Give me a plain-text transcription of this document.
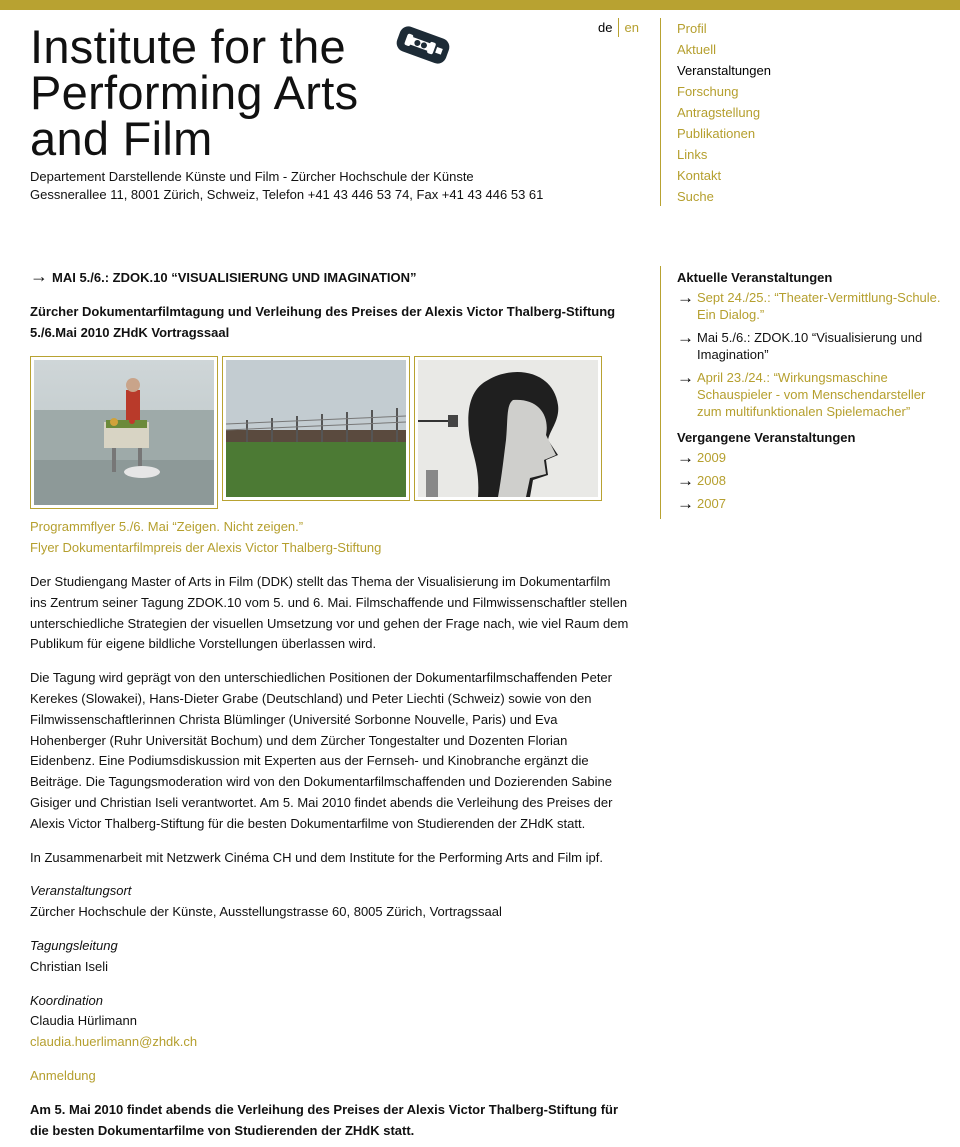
Institute for the
Performing Arts
and Film
Departement Darstellende Künste und Film - Zürcher Hochschule der Künste
Gessnerallee 11, 8001 Zürich, Schweiz, Telefon +41 43 446 53 74, Fax +41 43 446 53 61
de en	Profil
Aktuell
Veranstaltungen
Forschung
Antragstellung
Publikationen
Links
Kontakt
Suche
→ MAI 5./6.: ZDOK.10 “VISUALISIERUNG UND IMAGINATION”

Zürcher Dokumentarfilmtagung und Verleihung des Preises der Alexis Victor Thalberg-Stiftung
5./6.Mai 2010 ZHdK Vortragssaal

Programmflyer 5./6. Mai “Zeigen. Nicht zeigen.”
Flyer Dokumentarfilmpreis der Alexis Victor Thalberg-Stiftung

Der Studiengang Master of Arts in Film (DDK) stellt das Thema der Visualisierung im Dokumentarfilm ins Zentrum seiner Tagung ZDOK.10 vom 5. und 6. Mai. Filmschaffende und Filmwissenschaftler stellen unterschiedliche Strategien der visuellen Umsetzung vor und gehen der Frage nach, wie viel Raum dem Publikum für eigene bildliche Vorstellungen überlassen wird.

Die Tagung wird geprägt von den unterschiedlichen Positionen der Dokumentarfilmschaffenden Peter Kerekes (Slowakei), Hans-Dieter Grabe (Deutschland) und Peter Liechti (Schweiz) sowie von den Filmwissenschaftlerinnen Christa Blümlinger (Université Sorbonne Nouvelle, Paris) und Eva Hohenberger (Ruhr Universität Bochum) und dem Zürcher Tongestalter und Dozenten Florian Eidenbenz. Eine Podiumsdiskussion mit Experten aus der Fernseh- und Kinobranche ergänzt die Beiträge. Die Tagungsmoderation wird von den Dokumentarfilmschaffenden und Dozierenden Sabine Gisiger und Christian Iseli verantwortet. Am 5. Mai 2010 findet abends die Verleihung des Preises der Alexis Victor Thalberg-Stiftung für die besten Dokumentarfilme von Studierenden der ZHdK statt.

In Zusammenarbeit mit Netzwerk Cinéma CH und dem Institute for the Performing Arts and Film ipf.

Veranstaltungsort
Zürcher Hochschule der Künste, Ausstellungstrasse 60, 8005 Zürich, Vortragssaal

Tagungsleitung
Christian Iseli

Koordination
Claudia Hürlimann
claudia.huerlimann@zhdk.ch

Anmeldung

Am 5. Mai 2010 findet abends die Verleihung des Preises der Alexis Victor Thalberg-Stiftung für die besten Dokumentarfilme von Studierenden der ZHdK statt.

Aktuelle Veranstaltungen
→ Sept 24./25.: “Theater-Vermittlung-Schule. Ein Dialog.”
→ Mai 5./6.: ZDOK.10 “Visualisierung und Imagination”
→ April 23./24.: “Wirkungsmaschine Schauspieler - vom Menschendarsteller zum multifunktionalen Spielemacher”
Vergangene Veranstaltungen
→ 2009
→ 2008
→ 2007
